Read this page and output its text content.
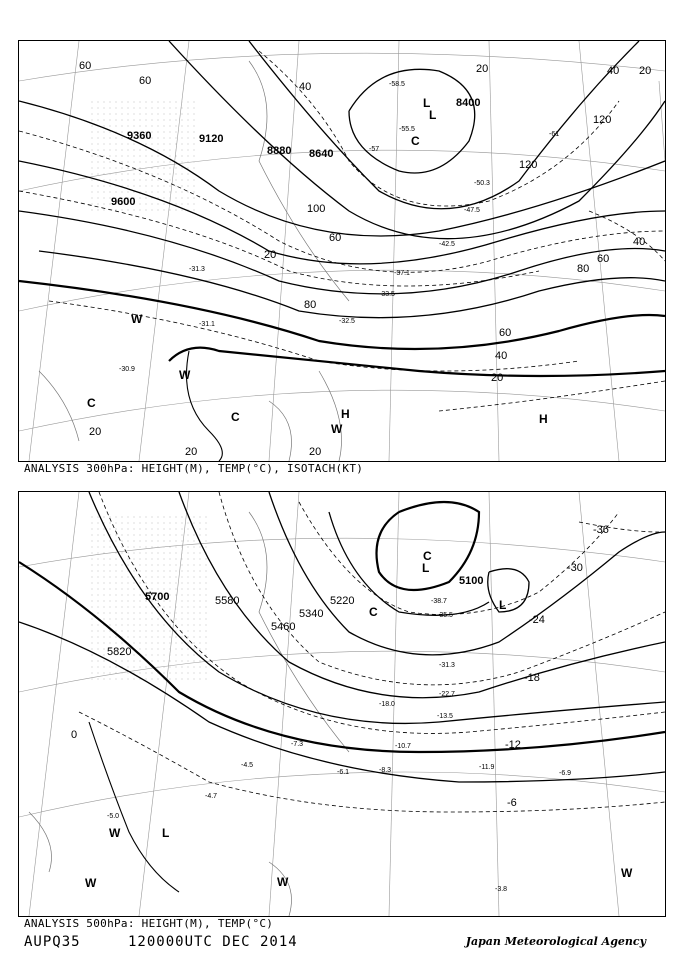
9360	9120
8880 8640
8400
9600
60
60	40
20	40 20
120
120
100
60
80
60
40
20
80
60
40
20
20
20	20
L
L
C
H	H
W
W
C
C
W
-31.3
-31.1
-30.9
-32.5
-33.5
-37.1
-42.5
-47.5
-50.3
-55.5
-57
-61
-58.5
ANALYSIS 300hPa: HEIGHT(M), TEMP(°C), ISOTACH(KT)
5700	5580
5460
5340
5220
5100
5820
-36
-30
-24
-18
-12
-6
0
C
L
L
C
L
W
W	W
W
-35.5
-38.7
-31.3
-22.7
-18.0
-13.5
-10.7
-7.3
-4.7
-5.0
-8.3	-11.9
-6.9
-3.8
-4.5
-6.1
ANALYSIS 500hPa: HEIGHT(M), TEMP(°C)
AUPQ35	120000UTC DEC 2014	Japan Meteorological Agency
